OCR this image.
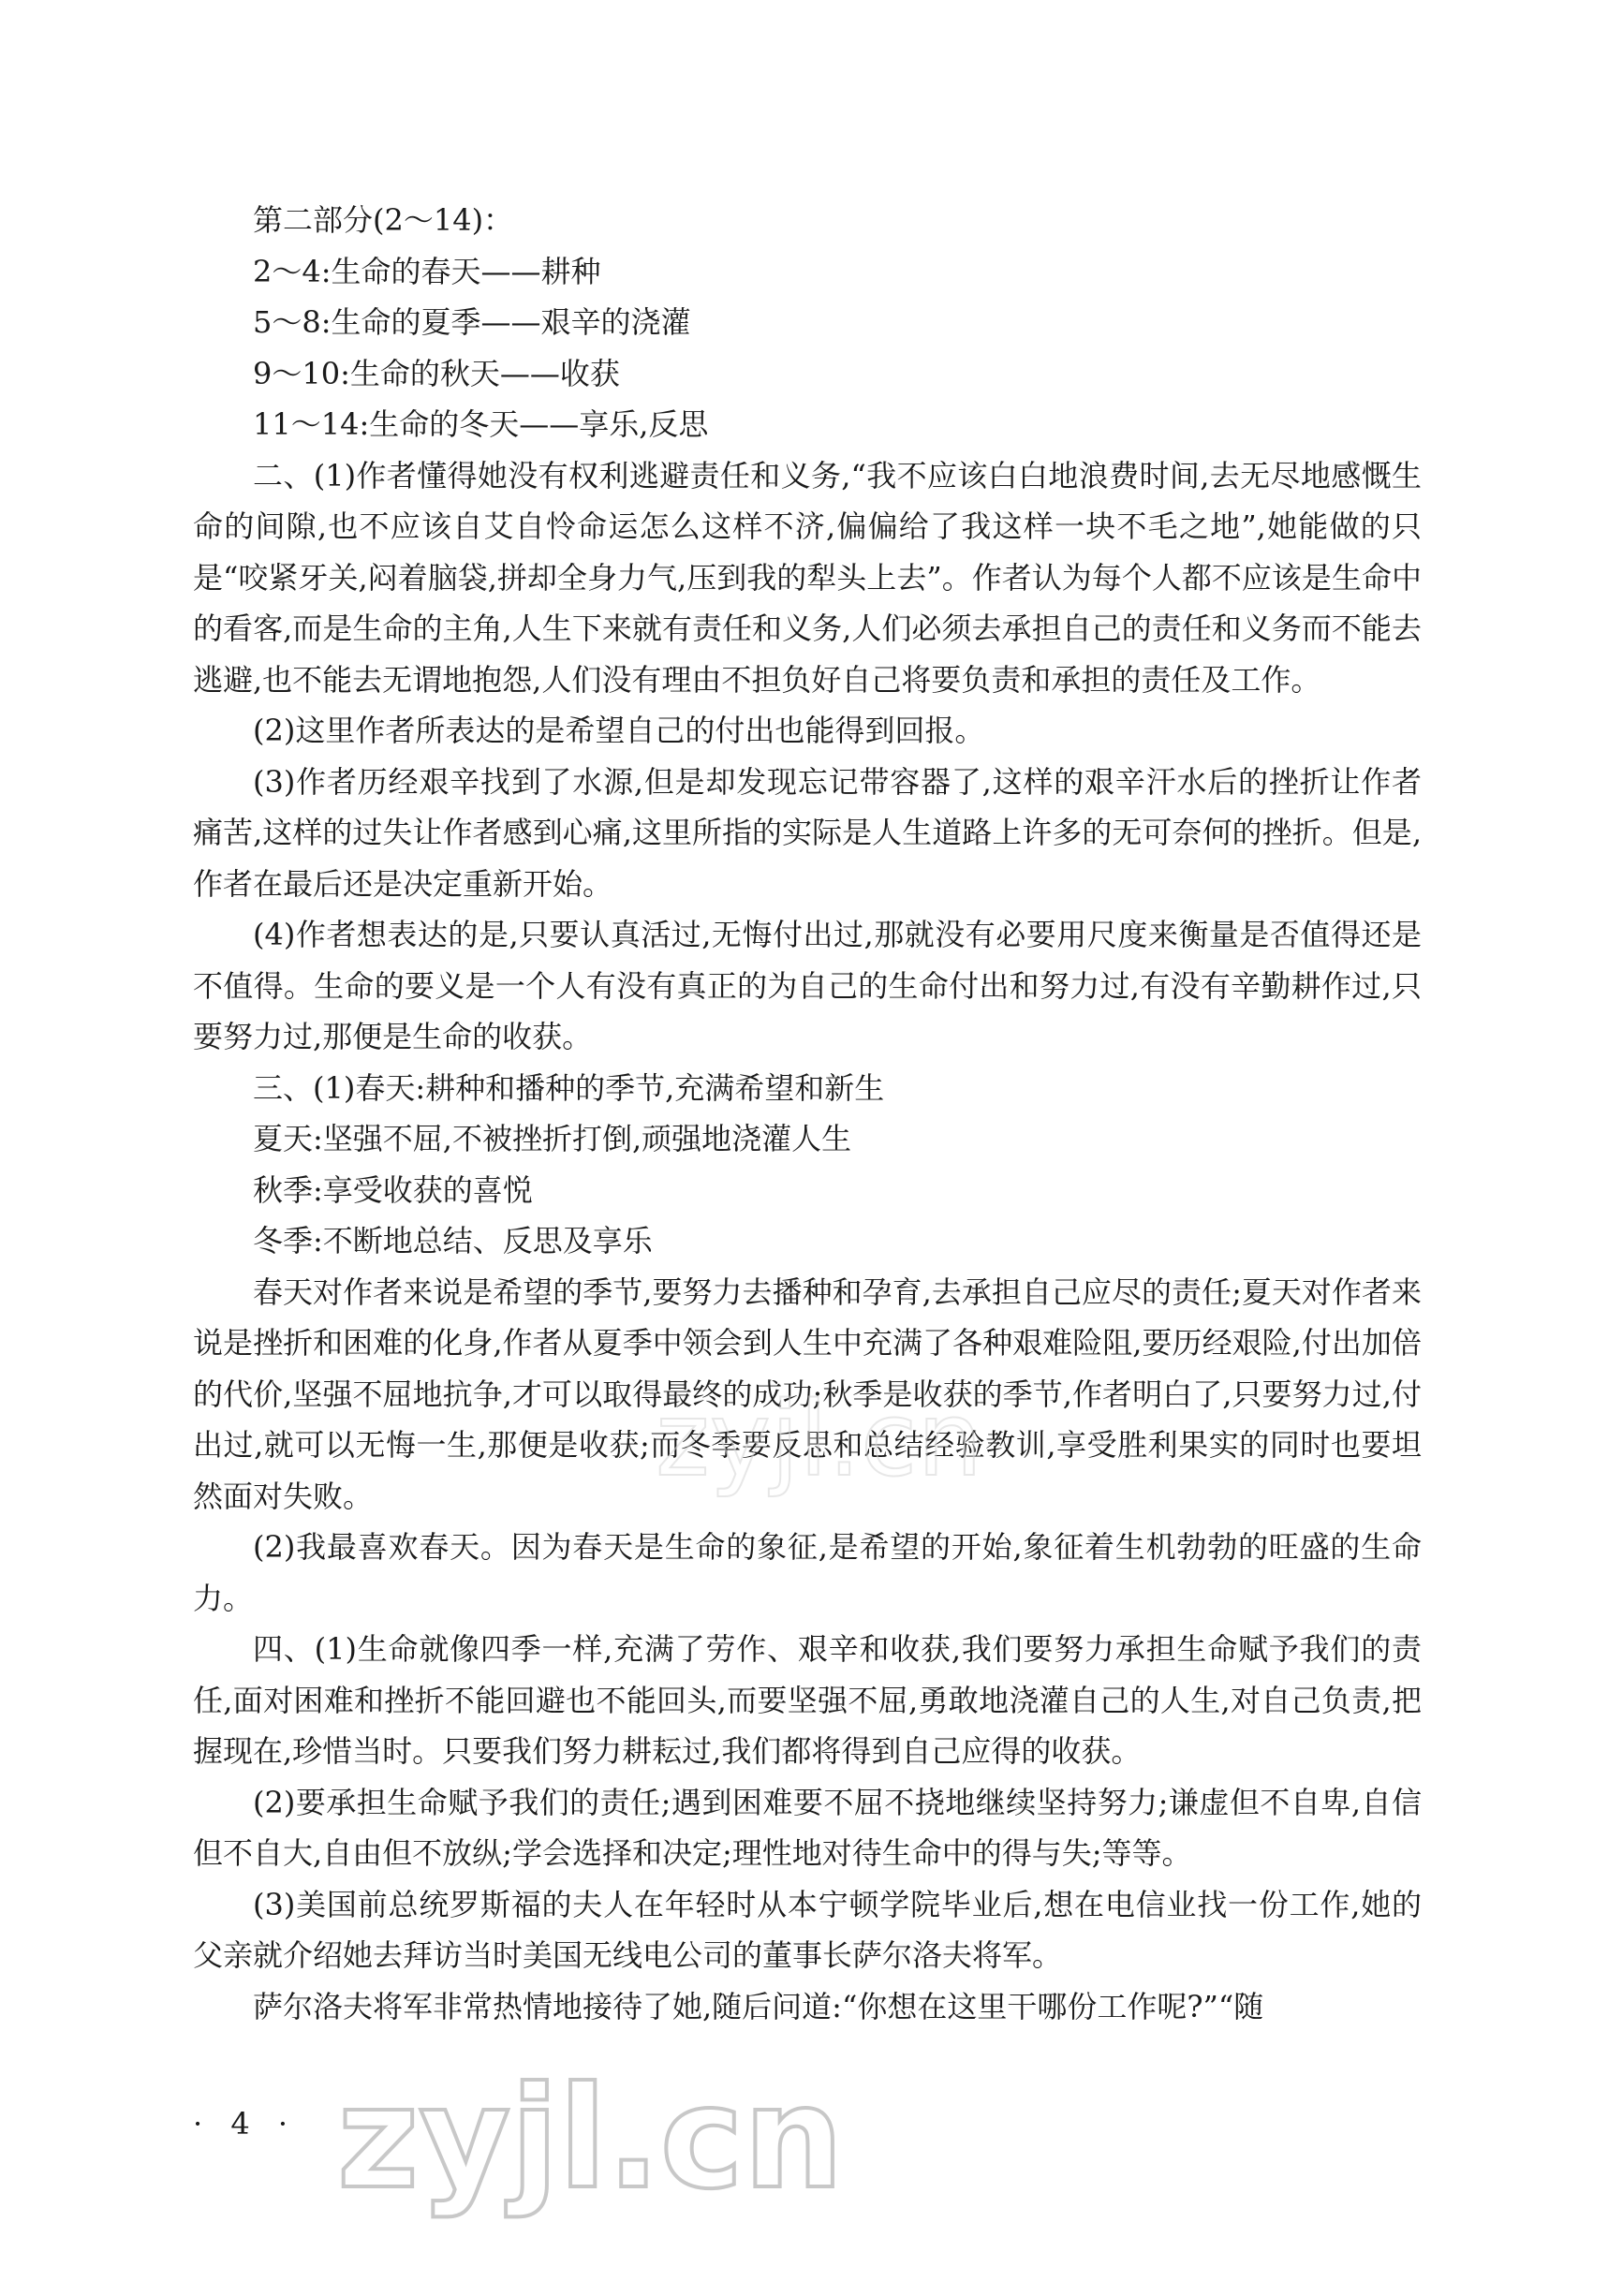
第二部分(2～14)：

2～4:生命的春天——耕种

5～8:生命的夏季——艰辛的浇灌

9～10:生命的秋天——收获

11～14:生命的冬天——享乐,反思

二、(1)作者懂得她没有权利逃避责任和义务,“我不应该白白地浪费时间,去无尽地感慨生命的间隙,也不应该自艾自怜命运怎么这样不济,偏偏给了我这样一块不毛之地”,她能做的只是“咬紧牙关,闷着脑袋,拼却全身力气,压到我的犁头上去”。作者认为每个人都不应该是生命中的看客,而是生命的主角,人生下来就有责任和义务,人们必须去承担自己的责任和义务而不能去逃避,也不能去无谓地抱怨,人们没有理由不担负好自己将要负责和承担的责任及工作。

(2)这里作者所表达的是希望自己的付出也能得到回报。

(3)作者历经艰辛找到了水源,但是却发现忘记带容器了,这样的艰辛汗水后的挫折让作者痛苦,这样的过失让作者感到心痛,这里所指的实际是人生道路上许多的无可奈何的挫折。但是,作者在最后还是决定重新开始。

(4)作者想表达的是,只要认真活过,无悔付出过,那就没有必要用尺度来衡量是否值得还是不值得。生命的要义是一个人有没有真正的为自己的生命付出和努力过,有没有辛勤耕作过,只要努力过,那便是生命的收获。

三、(1)春天:耕种和播种的季节,充满希望和新生

夏天:坚强不屈,不被挫折打倒,顽强地浇灌人生

秋季:享受收获的喜悦

冬季:不断地总结、反思及享乐

春天对作者来说是希望的季节,要努力去播种和孕育,去承担自己应尽的责任;夏天对作者来说是挫折和困难的化身,作者从夏季中领会到人生中充满了各种艰难险阻,要历经艰险,付出加倍的代价,坚强不屈地抗争,才可以取得最终的成功;秋季是收获的季节,作者明白了,只要努力过,付出过,就可以无悔一生,那便是收获;而冬季要反思和总结经验教训,享受胜利果实的同时也要坦然面对失败。

(2)我最喜欢春天。因为春天是生命的象征,是希望的开始,象征着生机勃勃的旺盛的生命力。

四、(1)生命就像四季一样,充满了劳作、艰辛和收获,我们要努力承担生命赋予我们的责任,面对困难和挫折不能回避也不能回头,而要坚强不屈,勇敢地浇灌自己的人生,对自己负责,把握现在,珍惜当时。只要我们努力耕耘过,我们都将得到自己应得的收获。

(2)要承担生命赋予我们的责任;遇到困难要不屈不挠地继续坚持努力;谦虚但不自卑,自信但不自大,自由但不放纵;学会选择和决定;理性地对待生命中的得与失;等等。

(3)美国前总统罗斯福的夫人在年轻时从本宁顿学院毕业后,想在电信业找一份工作,她的父亲就介绍她去拜访当时美国无线电公司的董事长萨尔洛夫将军。

萨尔洛夫将军非常热情地接待了她,随后问道:“你想在这里干哪份工作呢?”“随

· 4 · zyjl.cn
zyjl.cn
